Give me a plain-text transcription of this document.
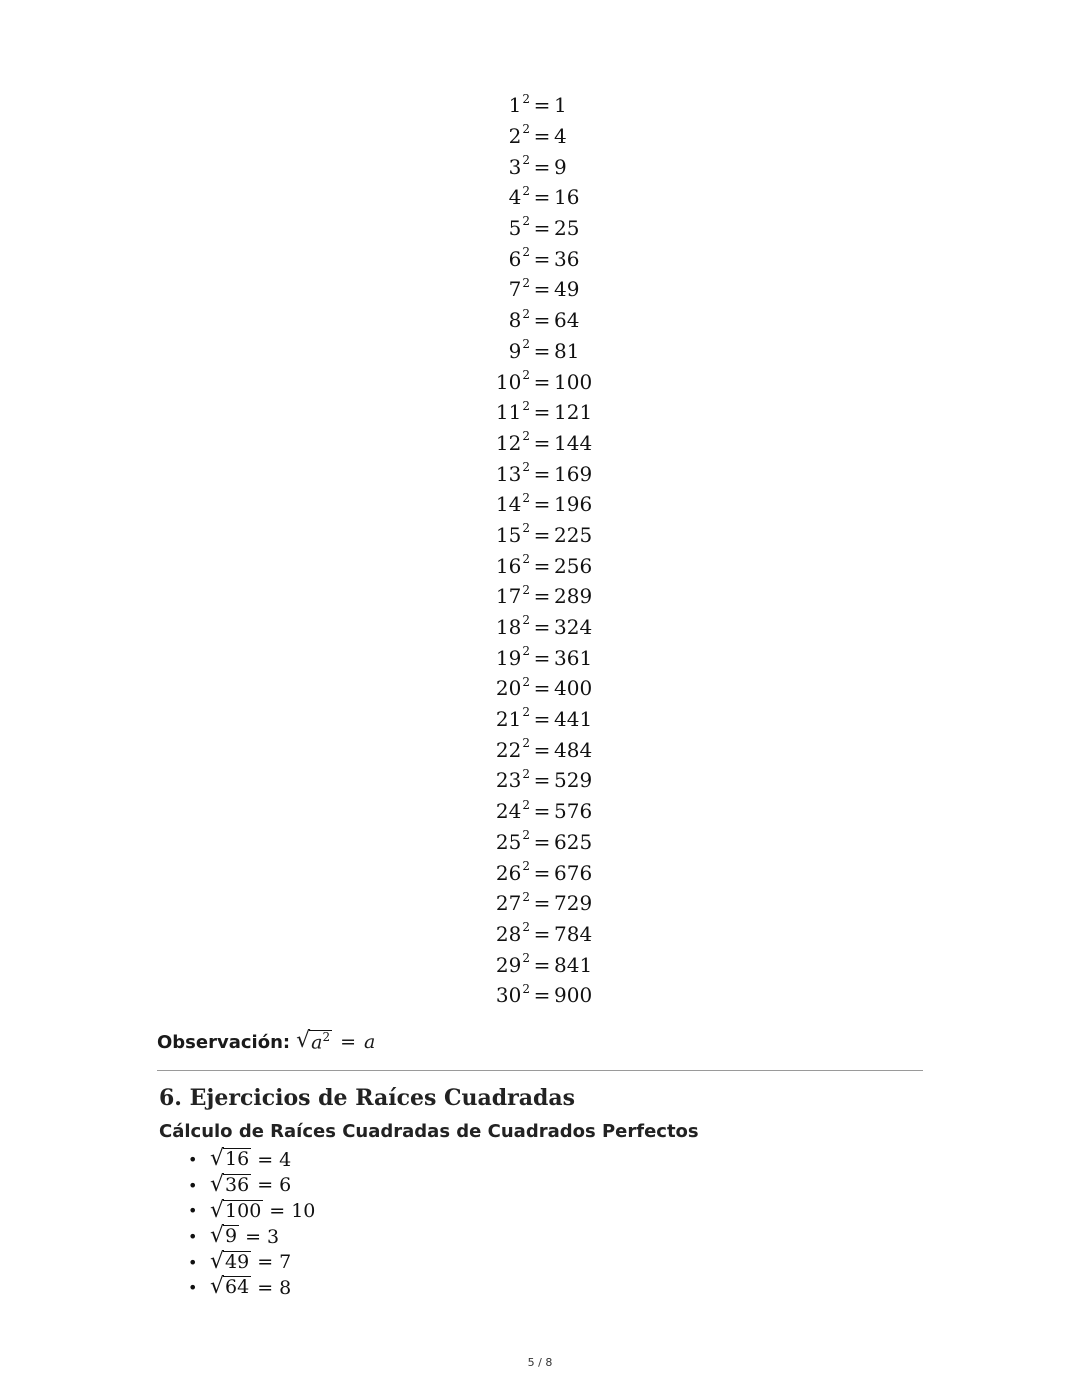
$1^2 = 1$
$2^2 = 4$
$3^2 = 9$
$4^2 = 16$
$5^2 = 25$
$6^2 = 36$
$7^2 = 49$
$8^2 = 64$
$9^2 = 81$
$10^2 = 100$
$11^2 = 121$
$12^2 = 144$
$13^2 = 169$
$14^2 = 196$
$15^2 = 225$
$16^2 = 256$
$17^2 = 289$
$18^2 = 324$
$19^2 = 361$
$20^2 = 400$
$21^2 = 441$
$22^2 = 484$
$23^2 = 529$
$24^2 = 576$
$25^2 = 625$
$26^2 = 676$
$27^2 = 729$
$28^2 = 784$
$29^2 = 841$
$30^2 = 900$
Observación: √ $a^2 = a$
6. Ejercicios de Raíces Cuadradas
Cálculo de Raíces Cuadradas de Cuadrados Perfectos
• √ 16 = 4
• √ 36 = 6
• √ 100 = 10
• √ 9 = 3
• √ 49 = 7
• √ 64 = 8
5 / 8
